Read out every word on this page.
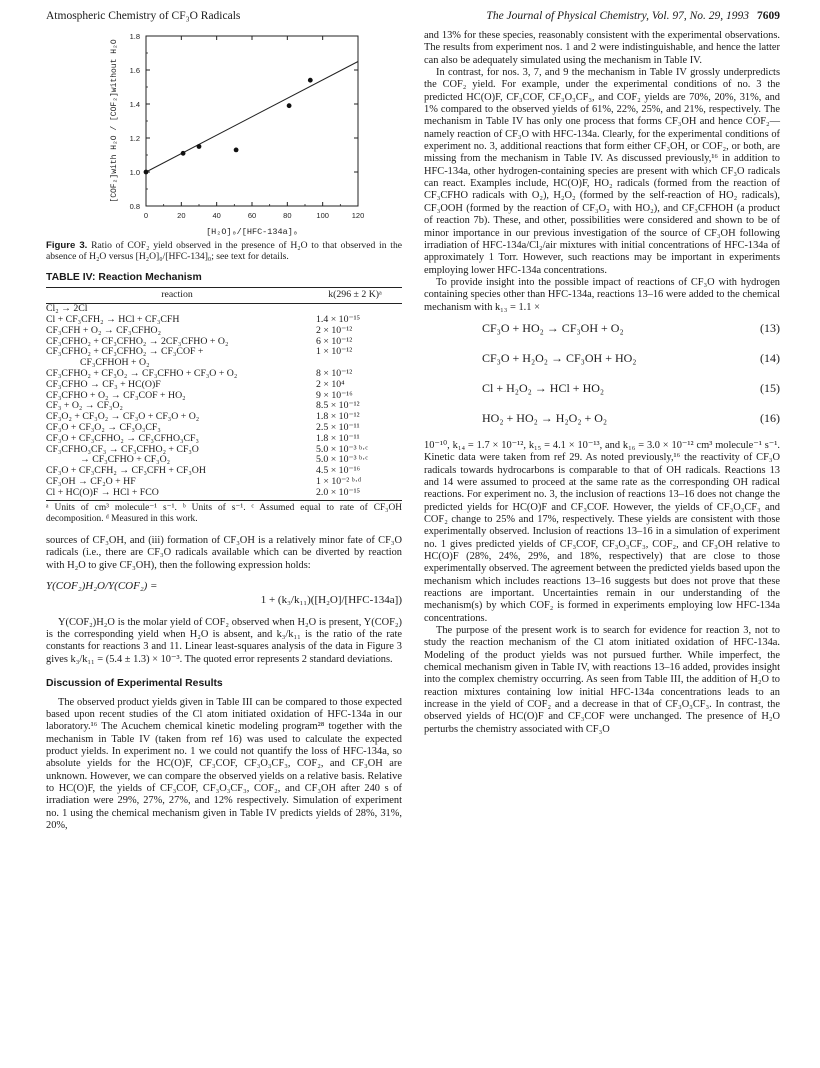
Atmospheric Chemistry of CF₃O Radicals	The Journal of Physical Chemistry, Vol. 97, No. 29, 1993 7609
0	20	40	60	80	100	120
0.8
1.0
1.2
1.4
1.6
1.8
[H₂O]₀/[HFC-134a]₀
[COF₂]with H₂O / [COF₂]without H₂O
Figure 3. Ratio of COF₂ yield observed in the presence of H₂O to that observed in the absence of H₂O versus [H₂O]₀/[HFC-134]₀; see text for details.
TABLE IV: Reaction Mechanism
reaction	k(296 ± 2 K)ᵃ
Cl₂ → 2Cl	
Cl + CF₃CFH₂ → HCl + CF₃CFH	1.4 × 10⁻¹⁵
CF₃CFH + O₂ → CF₃CFHO₂	2 × 10⁻¹²
CF₃CFHO₂ + CF₃CFHO₂ → 2CF₃CFHO + O₂	6 × 10⁻¹²
CF₃CFHO₂ + CF₃CFHO₂ → CF₃COF +	1 × 10⁻¹²
CF₃CFHOH + O₂	
CF₃CFHO₂ + CF₃O₂ → CF₃CFHO + CF₃O + O₂	8 × 10⁻¹²
CF₃CFHO → CF₃ + HC(O)F	2 × 10⁴
CF₃CFHO + O₂ → CF₃COF + HO₂	9 × 10⁻¹⁶
CF₃ + O₂ → CF₃O₂	8.5 × 10⁻¹²
CF₃O₂ + CF₃O₂ → CF₃O + CF₃O + O₂	1.8 × 10⁻¹²
CF₃O + CF₃O₂ → CF₃O₃CF₃	2.5 × 10⁻¹¹
CF₃O + CF₃CFHO₂ → CF₃CFHO₃CF₃	1.8 × 10⁻¹¹
CF₃CFHO₃CF₃ → CF₃CFHO₂ + CF₃O	5.0 × 10⁻³ ᵇ·ᶜ
→ CF₃CFHO + CF₃O₂	5.0 × 10⁻³ ᵇ·ᶜ
CF₃O + CF₃CFH₂ → CF₃CFH + CF₃OH	4.5 × 10⁻¹⁶
CF₃OH → CF₂O + HF	1 × 10⁻² ᵇ·ᵈ
Cl + HC(O)F → HCl + FCO	2.0 × 10⁻¹⁵
ᵃ Units of cm³ molecule⁻¹ s⁻¹. ᵇ Units of s⁻¹. ᶜ Assumed equal to rate of CF₃OH decomposition. ᵈ Measured in this work.

sources of CF₃OH, and (iii) formation of CF₃OH is a relatively minor fate of CF₃O radicals (i.e., there are CF₃O radicals available which can be diverted by reaction with H₂O to give CF₃OH), then the following expression holds:

Y(COF₂)H₂O/Y(COF₂) =
1 + (k₃/k₁₁)([H₂O]/[HFC-134a])

Y(COF₂)H₂O is the molar yield of COF₂ observed when H₂O is present, Y(COF₂) is the corresponding yield when H₂O is absent, and k₃/k₁₁ is the ratio of the rate constants for reactions 3 and 11. Linear least-squares analysis of the data in Figure 3 gives k₃/k₁₁ = (5.4 ± 1.3) × 10⁻³. The quoted error represents 2 standard deviations.

Discussion of Experimental Results

The observed product yields given in Table III can be compared to those expected based upon recent studies of the Cl atom initiated oxidation of HFC-134a in our laboratory.¹⁶ The Acuchem chemical kinetic modeling program²⁸ together with the mechanism in Table IV (taken from ref 16) was used to calculate the expected product yields. In experiment no. 1 we could not quantify the loss of HFC-134a, so absolute yields for the HC(O)F, CF₃COF, CF₃O₃CF₃, COF₂, and CF₃OH are unknown. However, we can compare the observed yields on a relative basis. Relative to HC(O)F, the yields of CF₃COF, CF₃O₃CF₃, COF₂, and CF₃OH after 240 s of irradiation were 29%, 27%, 27%, and 12% respectively. Simulation of experiment no. 1 using the chemical mechanism given in Table IV predicts yields of 28%, 31%, 20%,

and 13% for these species, reasonably consistent with the experimental observations. The results from experiment nos. 1 and 2 were indistinguishable, and hence the latter can also be adequately simulated using the mechanism in Table IV.

In contrast, for nos. 3, 7, and 9 the mechanism in Table IV grossly underpredicts the COF₂ yield. For example, under the experimental conditions of no. 3 the predicted HC(O)F, CF₃COF, CF₃O₃CF₃, and COF₂ yields are 70%, 20%, 31%, and 1% compared to the observed yields of 61%, 22%, 25%, and 21%, respectively. The mechanism in Table IV has only one process that forms CF₃OH and hence COF₂—namely reaction of CF₃O with HFC-134a. Clearly, for the experimental conditions of experiment no. 3, additional reactions that form either CF₃OH, or COF₂, or both, are missing from the mechanism in Table IV. As discussed previously,¹⁶ in addition to HFC-134a, other hydrogen-containing species are present with which CF₃O radicals can react. Examples include, HC(O)F, HO₂ radicals (formed from the reaction of CF₃CFHO radicals with O₂), H₂O₂ (formed by the self-reaction of HO₂ radicals), CF₃OOH (formed by the reaction of CF₃O₂ with HO₂), and CF₃CFHOH (a product of reaction 7b). These, and other, possibilities were considered and shown to be of minor importance in our previous investigation of the source of CF₃OH following irradiation of HFC-134a/Cl₂/air mixtures with initial concentrations of HFC-134a of approximately 1 Torr. However, such reactions may be important in experiments employing lower HFC-134a concentrations.

To provide insight into the possible impact of reactions of CF₃O with hydrogen containing species other than HFC-134a, reactions 13–16 were added to the chemical mechanism with k₁₃ = 1.1 ×

CF₃O + HO₂ → CF₃OH + O₂	(13)
CF₃O + H₂O₂ → CF₃OH + HO₂	(14)
Cl + H₂O₂ → HCl + HO₂	(15)
HO₂ + HO₂ → H₂O₂ + O₂	(16)

10⁻¹⁰, k₁₄ = 1.7 × 10⁻¹², k₁₅ = 4.1 × 10⁻¹³, and k₁₆ = 3.0 × 10⁻¹² cm³ molecule⁻¹ s⁻¹. Kinetic data were taken from ref 29. As noted previously,¹⁶ the reactivity of CF₃O radicals towards hydrocarbons is comparable to that of OH radicals. Reactions 13 and 14 were assumed to proceed at the same rate as the corresponding OH radical reactions. For experiment no. 3, the inclusion of reactions 13–16 does not change the predicted yields for HC(O)F and CF₃COF. However, the yields of CF₃O₃CF₃ and COF₂ change to 25% and 17%, respectively. These yields are consistent with those experimentally observed. Inclusion of reactions 13–16 in a simulation of experiment no. 1 gives predicted yields of CF₃COF, CF₃O₃CF₃, COF₂, and CF₃OH relative to HC(O)F (28%, 24%, 29%, and 18%, respectively) that are close to those experimentally observed. The agreement between the predicted yields based upon the mechanism which includes reactions 13–16 suggests but does not prove that these reactions are important. Uncertainties remain in our understanding of the mechanism(s) by which COF₂ is formed in experiments employing low HFC-134a concentrations.

The purpose of the present work is to search for evidence for reaction 3, not to study the reaction mechanism of the Cl atom initiated oxidation of HFC-134a. Modeling of the product yields was not pursued further. While imperfect, the chemical mechanism given in Table IV, with reactions 13–16 added, provides insight into the complex chemistry occurring. As seen from Table III, the addition of H₂O to reaction mixtures containing low initial HFC-134a concentrations leads to an increase in the yield of COF₂ and a decrease in that of CF₃O₃CF₃. In contrast, the observed yields of HC(O)F and CF₃COF were unchanged. The presence of H₂O perturbs the chemistry associated with CF₃O
